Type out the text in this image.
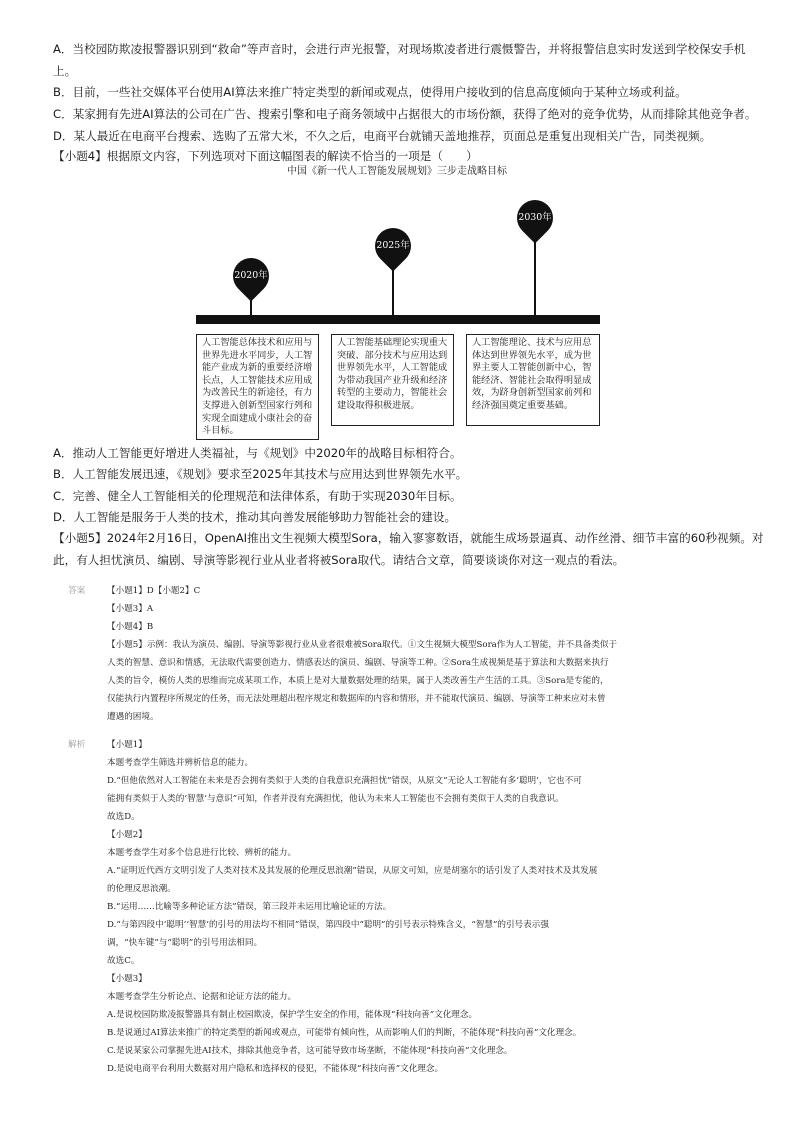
A．当校园防欺凌报警器识别到“救命”等声音时，会进行声光报警，对现场欺凌者进行震慑警告，并将报警信息实时发送到学校保安手机
上。
B．目前，一些社交媒体平台使用AI算法来推广特定类型的新闻或观点，使得用户接收到的信息高度倾向于某种立场或利益。
C．某家拥有先进AI算法的公司在广告、搜索引擎和电子商务领域中占据很大的市场份额，获得了绝对的竞争优势，从而排除其他竞争者。
D．某人最近在电商平台搜索、选购了五常大米，不久之后，电商平台就铺天盖地推荐，页面总是重复出现相关广告，同类视频。
【小题4】根据原文内容，下列选项对下面这幅图表的解读不恰当的一项是（　　）
中国《新一代人工智能发展规划》三步走战略目标
2020年
2025年
2030年
人工智能总体技术和应用与世界先进水平同步，人工智能产业成为新的重要经济增长点，人工智能技术应用成为改善民生的新途径，有力支撑进入创新型国家行列和实现全面建成小康社会的奋斗目标。
人工智能基础理论实现重大突破、部分技术与应用达到世界领先水平，人工智能成为带动我国产业升级和经济转型的主要动力，智能社会建设取得积极进展。
人工智能理论、技术与应用总体达到世界领先水平，成为世界主要人工智能创新中心，智能经济、智能社会取得明显成效，为跻身创新型国家前列和经济强国奠定重要基础。
A．推动人工智能更好增进人类福祉，与《规划》中2020年的战略目标相符合。
B．人工智能发展迅速，《规划》要求至2025年其技术与应用达到世界领先水平。
C．完善、健全人工智能相关的伦理规范和法律体系，有助于实现2030年目标。
D．人工智能是服务于人类的技术，推动其向善发展能够助力智能社会的建设。
【小题5】2024年2月16日，OpenAI推出文生视频大模型Sora，输入寥寥数语，就能生成场景逼真、动作丝滑、细节丰富的60秒视频。对
此，有人担忧演员、编剧、导演等影视行业从业者将被Sora取代。请结合文章，简要谈谈你对这一观点的看法。
答案	【小题1】D【小题2】C
【小题3】A
【小题4】B
【小题5】示例：我认为演员、编剧、导演等影视行业从业者很难被Sora取代。①文生视频大模型Sora作为人工智能，并不具备类似于
人类的智慧、意识和情感，无法取代需要创造力、情感表达的演员、编剧、导演等工种。②Sora生成视频是基于算法和大数据来执行
人类的旨令，模仿人类的思维而完成某项工作，本质上是对大量数据处理的结果，属于人类改善生产生活的工具。③Sora是专能的，
仅能执行内置程序所规定的任务，而无法处理超出程序规定和数据库的内容和情形，并不能取代演员、编剧、导演等工种来应对未曾
遭遇的困境。
解析	【小题1】
本题考查学生筛选并辨析信息的能力。
D.“但他依然对人工智能在未来是否会拥有类似于人类的自我意识充满担忧”错误，从原文“无论人工智能有多‘聪明’，它也不可
能拥有类似于人类的‘智慧’与意识”可知，作者并没有充满担忧，他认为未来人工智能也不会拥有类似于人类的自我意识。
故选D。
【小题2】
本题考查学生对多个信息进行比较、辨析的能力。
A.“证明近代西方文明引发了人类对技术及其发展的伦理反思浪潮”错误，从原文可知，应是胡塞尔的话引发了人类对技术及其发展
的伦理反思浪潮。
B.“运用……比喻等多种论证方法”错误，第三段并未运用比喻论证的方法。
D.“与第四段中‘聪明’‘智慧’的引号的用法均不相同”错误，第四段中“聪明”的引号表示特殊含义，“智慧”的引号表示强
调，“快车键”与“聪明”的引号用法相同。
故选C。
【小题3】
本题考查学生分析论点、论据和论证方法的能力。
A.是说校园防欺凌报警器具有制止校园欺凌，保护学生安全的作用，能体现“科技向善”文化理念。
B.是说通过AI算法来推广的特定类型的新闻或观点，可能带有倾向性，从而影响人们的判断，不能体现“科技向善”文化理念。
C.是说某家公司掌握先进AI技术，排除其他竞争者，这可能导致市场垄断，不能体现“科技向善”文化理念。
D.是说电商平台利用大数据对用户隐私和选择权的侵犯，不能体现“科技向善”文化理念。
